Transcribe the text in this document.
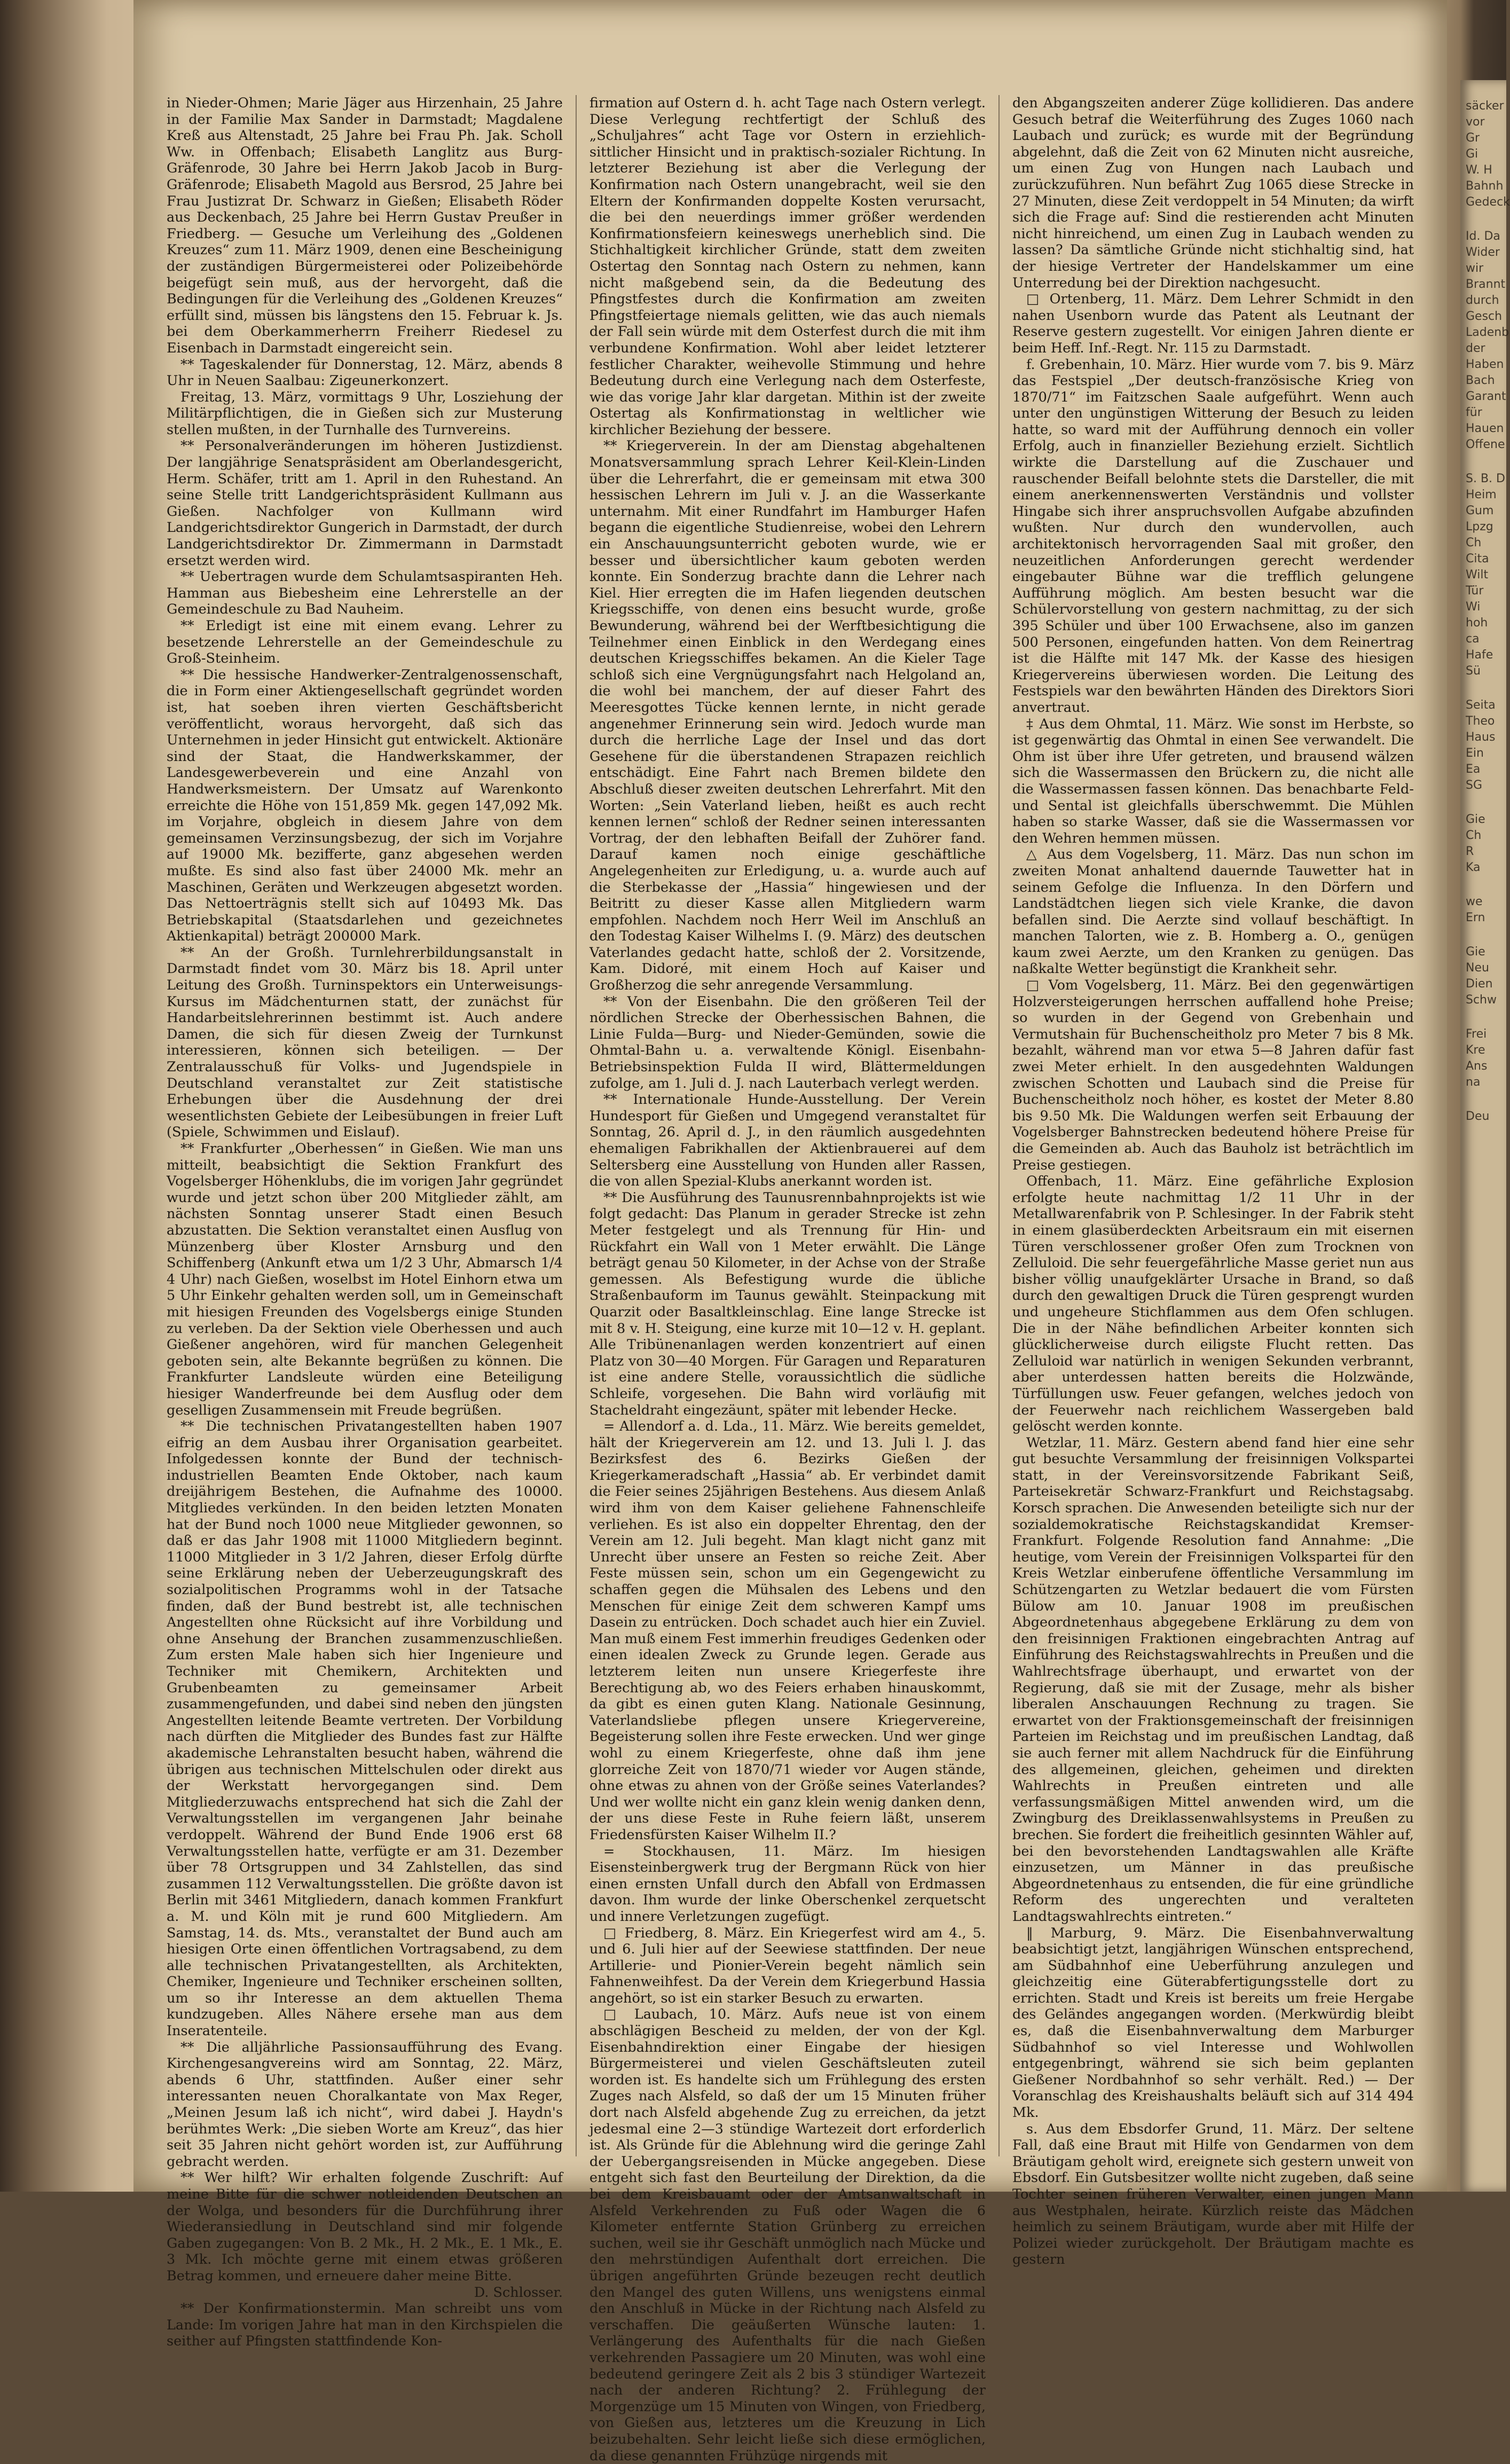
in Nieder-Ohmen; Marie Jäger aus Hirzenhain, 25 Jahre in der Familie Max Sander in Darmstadt; Magdalene Kreß aus Altenstadt, 25 Jahre bei Frau Ph. Jak. Scholl Ww. in Offenbach; Elisabeth Langlitz aus Burg-Gräfenrode, 30 Jahre bei Herrn Jakob Jacob in Burg-Gräfenrode; Elisabeth Magold aus Bersrod, 25 Jahre bei Frau Justizrat Dr. Schwarz in Gießen; Elisabeth Röder aus Deckenbach, 25 Jahre bei Herrn Gustav Preußer in Friedberg. — Gesuche um Verleihung des „Goldenen Kreuzes“ zum 11. März 1909, denen eine Bescheinigung der zuständigen Bürgermeisterei oder Polizeibehörde beigefügt sein muß, aus der hervorgeht, daß die Bedingungen für die Verleihung des „Goldenen Kreuzes“ erfüllt sind, müssen bis längstens den 15. Februar k. Js. bei dem Oberkammerherrn Freiherr Riedesel zu Eisenbach in Darmstadt eingereicht sein.

** Tageskalender für Donnerstag, 12. März, abends 8 Uhr in Neuen Saalbau: Zigeunerkonzert.

Freitag, 13. März, vormittags 9 Uhr, Losziehung der Militärpflichtigen, die in Gießen sich zur Musterung stellen mußten, in der Turnhalle des Turnvereins.

** Personalveränderungen im höheren Justizdienst. Der langjährige Senatspräsident am Oberlandesgericht, Herm. Schäfer, tritt am 1. April in den Ruhestand. An seine Stelle tritt Landgerichtspräsident Kullmann aus Gießen. Nachfolger von Kullmann wird Landgerichtsdirektor Gungerich in Darmstadt, der durch Landgerichtsdirektor Dr. Zimmermann in Darmstadt ersetzt werden wird.

** Uebertragen wurde dem Schulamtsaspiranten Heh. Hamman aus Biebesheim eine Lehrerstelle an der Gemeindeschule zu Bad Nauheim.

** Erledigt ist eine mit einem evang. Lehrer zu besetzende Lehrerstelle an der Gemeindeschule zu Groß-Steinheim.

** Die hessische Handwerker-Zentralgenossenschaft, die in Form einer Aktiengesellschaft gegründet worden ist, hat soeben ihren vierten Geschäftsbericht veröffentlicht, woraus hervorgeht, daß sich das Unternehmen in jeder Hinsicht gut entwickelt. Aktionäre sind der Staat, die Handwerkskammer, der Landesgewerbeverein und eine Anzahl von Handwerksmeistern. Der Umsatz auf Warenkonto erreichte die Höhe von 151,859 Mk. gegen 147,092 Mk. im Vorjahre, obgleich in diesem Jahre von dem gemeinsamen Verzinsungsbezug, der sich im Vorjahre auf 19000 Mk. bezifferte, ganz abgesehen werden mußte. Es sind also fast über 24000 Mk. mehr an Maschinen, Geräten und Werkzeugen abgesetzt worden. Das Nettoerträgnis stellt sich auf 10493 Mk. Das Betriebskapital (Staatsdarlehen und gezeichnetes Aktienkapital) beträgt 200000 Mark.

** An der Großh. Turnlehrerbildungsanstalt in Darmstadt findet vom 30. März bis 18. April unter Leitung des Großh. Turninspektors ein Unterweisungs-Kursus im Mädchenturnen statt, der zunächst für Handarbeitslehrerinnen bestimmt ist. Auch andere Damen, die sich für diesen Zweig der Turnkunst interessieren, können sich beteiligen. — Der Zentralausschuß für Volks- und Jugendspiele in Deutschland veranstaltet zur Zeit statistische Erhebungen über die Ausdehnung der drei wesentlichsten Gebiete der Leibesübungen in freier Luft (Spiele, Schwimmen und Eislauf).

** Frankfurter „Oberhessen“ in Gießen. Wie man uns mitteilt, beabsichtigt die Sektion Frankfurt des Vogelsberger Höhenklubs, die im vorigen Jahr gegründet wurde und jetzt schon über 200 Mitglieder zählt, am nächsten Sonntag unserer Stadt einen Besuch abzustatten. Die Sektion veranstaltet einen Ausflug von Münzenberg über Kloster Arnsburg und den Schiffenberg (Ankunft etwa um 1/2 3 Uhr, Abmarsch 1/4 4 Uhr) nach Gießen, woselbst im Hotel Einhorn etwa um 5 Uhr Einkehr gehalten werden soll, um in Gemeinschaft mit hiesigen Freunden des Vogelsbergs einige Stunden zu verleben. Da der Sektion viele Oberhessen und auch Gießener angehören, wird für manchen Gelegenheit geboten sein, alte Bekannte begrüßen zu können. Die Frankfurter Landsleute würden eine Beteiligung hiesiger Wanderfreunde bei dem Ausflug oder dem geselligen Zusammensein mit Freude begrüßen.

** Die technischen Privatangestellten haben 1907 eifrig an dem Ausbau ihrer Organisation gearbeitet. Infolgedessen konnte der Bund der technisch-industriellen Beamten Ende Oktober, nach kaum dreijährigem Bestehen, die Aufnahme des 10000. Mitgliedes verkünden. In den beiden letzten Monaten hat der Bund noch 1000 neue Mitglieder gewonnen, so daß er das Jahr 1908 mit 11000 Mitgliedern beginnt. 11000 Mitglieder in 3 1/2 Jahren, dieser Erfolg dürfte seine Erklärung neben der Ueberzeugungskraft des sozialpolitischen Programms wohl in der Tatsache finden, daß der Bund bestrebt ist, alle technischen Angestellten ohne Rücksicht auf ihre Vorbildung und ohne Ansehung der Branchen zusammenzuschließen. Zum ersten Male haben sich hier Ingenieure und Techniker mit Chemikern, Architekten und Grubenbeamten zu gemeinsamer Arbeit zusammengefunden, und dabei sind neben den jüngsten Angestellten leitende Beamte vertreten. Der Vorbildung nach dürften die Mitglieder des Bundes fast zur Hälfte akademische Lehranstalten besucht haben, während die übrigen aus technischen Mittelschulen oder direkt aus der Werkstatt hervorgegangen sind. Dem Mitgliederzuwachs entsprechend hat sich die Zahl der Verwaltungsstellen im vergangenen Jahr beinahe verdoppelt. Während der Bund Ende 1906 erst 68 Verwaltungsstellen hatte, verfügte er am 31. Dezember über 78 Ortsgruppen und 34 Zahlstellen, das sind zusammen 112 Verwaltungsstellen. Die größte davon ist Berlin mit 3461 Mitgliedern, danach kommen Frankfurt a. M. und Köln mit je rund 600 Mitgliedern. Am Samstag, 14. ds. Mts., veranstaltet der Bund auch am hiesigen Orte einen öffentlichen Vortragsabend, zu dem alle technischen Privatangestellten, als Architekten, Chemiker, Ingenieure und Techniker erscheinen sollten, um so ihr Interesse an dem aktuellen Thema kundzugeben. Alles Nähere ersehe man aus dem Inseratenteile.

** Die alljährliche Passionsaufführung des Evang. Kirchengesangvereins wird am Sonntag, 22. März, abends 6 Uhr, stattfinden. Außer einer sehr interessanten neuen Choralkantate von Max Reger, „Meinen Jesum laß ich nicht“, wird dabei J. Haydn's berühmtes Werk: „Die sieben Worte am Kreuz“, das hier seit 35 Jahren nicht gehört worden ist, zur Aufführung gebracht werden.

** Wer hilft? Wir erhalten folgende Zuschrift: Auf meine Bitte für die schwer notleidenden Deutschen an der Wolga, und besonders für die Durchführung ihrer Wiederansiedlung in Deutschland sind mir folgende Gaben zugegangen: Von B. 2 Mk., H. 2 Mk., E. 1 Mk., E. 3 Mk. Ich möchte gerne mit einem etwas größeren Betrag kommen, und erneuere daher meine Bitte.

D. Schlosser.

** Der Konfirmationstermin. Man schreibt uns vom Lande: Im vorigen Jahre hat man in den Kirchspielen die seither auf Pfingsten stattfindende Kon-

firmation auf Ostern d. h. acht Tage nach Ostern verlegt. Diese Verlegung rechtfertigt der Schluß des „Schuljahres“ acht Tage vor Ostern in erziehlich-sittlicher Hinsicht und in praktisch-sozialer Richtung. In letzterer Beziehung ist aber die Verlegung der Konfirmation nach Ostern unangebracht, weil sie den Eltern der Konfirmanden doppelte Kosten verursacht, die bei den neuerdings immer größer werdenden Konfirmationsfeiern keineswegs unerheblich sind. Die Stichhaltigkeit kirchlicher Gründe, statt dem zweiten Ostertag den Sonntag nach Ostern zu nehmen, kann nicht maßgebend sein, da die Bedeutung des Pfingstfestes durch die Konfirmation am zweiten Pfingstfeiertage niemals gelitten, wie das auch niemals der Fall sein würde mit dem Osterfest durch die mit ihm verbundene Konfirmation. Wohl aber leidet letzterer festlicher Charakter, weihevolle Stimmung und hehre Bedeutung durch eine Verlegung nach dem Osterfeste, wie das vorige Jahr klar dargetan. Mithin ist der zweite Ostertag als Konfirmationstag in weltlicher wie kirchlicher Beziehung der bessere.

** Kriegerverein. In der am Dienstag abgehaltenen Monatsversammlung sprach Lehrer Keil-Klein-Linden über die Lehrerfahrt, die er gemeinsam mit etwa 300 hessischen Lehrern im Juli v. J. an die Wasserkante unternahm. Mit einer Rundfahrt im Hamburger Hafen begann die eigentliche Studienreise, wobei den Lehrern ein Anschauungsunterricht geboten wurde, wie er besser und übersichtlicher kaum geboten werden konnte. Ein Sonderzug brachte dann die Lehrer nach Kiel. Hier erregten die im Hafen liegenden deutschen Kriegsschiffe, von denen eins besucht wurde, große Bewunderung, während bei der Werftbesichtigung die Teilnehmer einen Einblick in den Werdegang eines deutschen Kriegsschiffes bekamen. An die Kieler Tage schloß sich eine Vergnügungsfahrt nach Helgoland an, die wohl bei manchem, der auf dieser Fahrt des Meeresgottes Tücke kennen lernte, in nicht gerade angenehmer Erinnerung sein wird. Jedoch wurde man durch die herrliche Lage der Insel und das dort Gesehene für die überstandenen Strapazen reichlich entschädigt. Eine Fahrt nach Bremen bildete den Abschluß dieser zweiten deutschen Lehrerfahrt. Mit den Worten: „Sein Vaterland lieben, heißt es auch recht kennen lernen“ schloß der Redner seinen interessanten Vortrag, der den lebhaften Beifall der Zuhörer fand. Darauf kamen noch einige geschäftliche Angelegenheiten zur Erledigung, u. a. wurde auch auf die Sterbekasse der „Hassia“ hingewiesen und der Beitritt zu dieser Kasse allen Mitgliedern warm empfohlen. Nachdem noch Herr Weil im Anschluß an den Todestag Kaiser Wilhelms I. (9. März) des deutschen Vaterlandes gedacht hatte, schloß der 2. Vorsitzende, Kam. Didoré, mit einem Hoch auf Kaiser und Großherzog die sehr anregende Versammlung.

** Von der Eisenbahn. Die den größeren Teil der nördlichen Strecke der Oberhessischen Bahnen, die Linie Fulda—Burg- und Nieder-Gemünden, sowie die Ohmtal-Bahn u. a. verwaltende Königl. Eisenbahn-Betriebsinspektion Fulda II wird, Blättermeldungen zufolge, am 1. Juli d. J. nach Lauterbach verlegt werden.

** Internationale Hunde-Ausstellung. Der Verein Hundesport für Gießen und Umgegend veranstaltet für Sonntag, 26. April d. J., in den räumlich ausgedehnten ehemaligen Fabrikhallen der Aktienbrauerei auf dem Seltersberg eine Ausstellung von Hunden aller Rassen, die von allen Spezial-Klubs anerkannt worden ist.

** Die Ausführung des Taunusrennbahnprojekts ist wie folgt gedacht: Das Planum in gerader Strecke ist zehn Meter festgelegt und als Trennung für Hin- und Rückfahrt ein Wall von 1 Meter erwählt. Die Länge beträgt genau 50 Kilometer, in der Achse von der Straße gemessen. Als Befestigung wurde die übliche Straßenbauform im Taunus gewählt. Steinpackung mit Quarzit oder Basaltkleinschlag. Eine lange Strecke ist mit 8 v. H. Steigung, eine kurze mit 10—12 v. H. geplant. Alle Tribünenanlagen werden konzentriert auf einen Platz von 30—40 Morgen. Für Garagen und Reparaturen ist eine andere Stelle, voraussichtlich die südliche Schleife, vorgesehen. Die Bahn wird vorläufig mit Stacheldraht eingezäunt, später mit lebender Hecke.

= Allendorf a. d. Lda., 11. März. Wie bereits gemeldet, hält der Kriegerverein am 12. und 13. Juli l. J. das Bezirksfest des 6. Bezirks Gießen der Kriegerkameradschaft „Hassia“ ab. Er verbindet damit die Feier seines 25jährigen Bestehens. Aus diesem Anlaß wird ihm von dem Kaiser geliehene Fahnenschleife verliehen. Es ist also ein doppelter Ehrentag, den der Verein am 12. Juli begeht. Man klagt nicht ganz mit Unrecht über unsere an Festen so reiche Zeit. Aber Feste müssen sein, schon um ein Gegengewicht zu schaffen gegen die Mühsalen des Lebens und den Menschen für einige Zeit dem schweren Kampf ums Dasein zu entrücken. Doch schadet auch hier ein Zuviel. Man muß einem Fest immerhin freudiges Gedenken oder einen idealen Zweck zu Grunde legen. Gerade aus letzterem leiten nun unsere Kriegerfeste ihre Berechtigung ab, wo des Feiers erhaben hinauskommt, da gibt es einen guten Klang. Nationale Gesinnung, Vaterlandsliebe pflegen unsere Kriegervereine, Begeisterung sollen ihre Feste erwecken. Und wer ginge wohl zu einem Kriegerfeste, ohne daß ihm jene glorreiche Zeit von 1870/71 wieder vor Augen stände, ohne etwas zu ahnen von der Größe seines Vaterlandes? Und wer wollte nicht ein ganz klein wenig danken denn, der uns diese Feste in Ruhe feiern läßt, unserem Friedensfürsten Kaiser Wilhelm II.?

= Stockhausen, 11. März. Im hiesigen Eisensteinbergwerk trug der Bergmann Rück von hier einen ernsten Unfall durch den Abfall von Erdmassen davon. Ihm wurde der linke Oberschenkel zerquetscht und innere Verletzungen zugefügt.

□ Friedberg, 8. März. Ein Kriegerfest wird am 4., 5. und 6. Juli hier auf der Seewiese stattfinden. Der neue Artillerie- und Pionier-Verein begeht nämlich sein Fahnenweihfest. Da der Verein dem Kriegerbund Hassia angehört, so ist ein starker Besuch zu erwarten.

□ Laubach, 10. März. Aufs neue ist von einem abschlägigen Bescheid zu melden, der von der Kgl. Eisenbahndirektion einer Eingabe der hiesigen Bürgermeisterei und vielen Geschäftsleuten zuteil worden ist. Es handelte sich um Frühlegung des ersten Zuges nach Alsfeld, so daß der um 15 Minuten früher dort nach Alsfeld abgehende Zug zu erreichen, da jetzt jedesmal eine 2—3 stündige Wartezeit dort erforderlich ist. Als Gründe für die Ablehnung wird die geringe Zahl der Uebergangsreisenden in Mücke angegeben. Diese entgeht sich fast den Beurteilung der Direktion, da die bei dem Kreisbauamt oder der Amtsanwaltschaft in Alsfeld Verkehrenden zu Fuß oder Wagen die 6 Kilometer entfernte Station Grünberg zu erreichen suchen, weil sie ihr Geschäft unmöglich nach Mücke und den mehrstündigen Aufenthalt dort erreichen. Die übrigen angeführten Gründe bezeugen recht deutlich den Mangel des guten Willens, uns wenigstens einmal den Anschluß in Mücke in der Richtung nach Alsfeld zu verschaffen. Die geäußerten Wünsche lauten: 1. Verlängerung des Aufenthalts für die nach Gießen verkehrenden Passagiere um 20 Minuten, was wohl eine bedeutend geringere Zeit als 2 bis 3 stündiger Wartezeit nach der anderen Richtung? 2. Frühlegung der Morgenzüge um 15 Minuten von Wingen, von Friedberg, von Gießen aus, letzteres um die Kreuzung in Lich beizubehalten. Sehr leicht ließe sich diese ermöglichen, da diese genannten Frühzüge nirgends mit

den Abgangszeiten anderer Züge kollidieren. Das andere Gesuch betraf die Weiterführung des Zuges 1060 nach Laubach und zurück; es wurde mit der Begründung abgelehnt, daß die Zeit von 62 Minuten nicht ausreiche, um einen Zug von Hungen nach Laubach und zurückzuführen. Nun befährt Zug 1065 diese Strecke in 27 Minuten, diese Zeit verdoppelt in 54 Minuten; da wirft sich die Frage auf: Sind die restierenden acht Minuten nicht hinreichend, um einen Zug in Laubach wenden zu lassen? Da sämtliche Gründe nicht stichhaltig sind, hat der hiesige Vertreter der Handelskammer um eine Unterredung bei der Direktion nachgesucht.

□ Ortenberg, 11. März. Dem Lehrer Schmidt in den nahen Usenborn wurde das Patent als Leutnant der Reserve gestern zugestellt. Vor einigen Jahren diente er beim Heff. Inf.-Regt. Nr. 115 zu Darmstadt.

f. Grebenhain, 10. März. Hier wurde vom 7. bis 9. März das Festspiel „Der deutsch-französische Krieg von 1870/71“ im Faitzschen Saale aufgeführt. Wenn auch unter den ungünstigen Witterung der Besuch zu leiden hatte, so ward mit der Aufführung dennoch ein voller Erfolg, auch in finanzieller Beziehung erzielt. Sichtlich wirkte die Darstellung auf die Zuschauer und rauschender Beifall belohnte stets die Darsteller, die mit einem anerkennenswerten Verständnis und vollster Hingabe sich ihrer anspruchsvollen Aufgabe abzufinden wußten. Nur durch den wundervollen, auch architektonisch hervorragenden Saal mit großer, den neuzeitlichen Anforderungen gerecht werdender eingebauter Bühne war die trefflich gelungene Aufführung möglich. Am besten besucht war die Schülervorstellung von gestern nachmittag, zu der sich 395 Schüler und über 100 Erwachsene, also im ganzen 500 Personen, eingefunden hatten. Von dem Reinertrag ist die Hälfte mit 147 Mk. der Kasse des hiesigen Kriegervereins überwiesen worden. Die Leitung des Festspiels war den bewährten Händen des Direktors Siori anvertraut.

‡ Aus dem Ohmtal, 11. März. Wie sonst im Herbste, so ist gegenwärtig das Ohmtal in einen See verwandelt. Die Ohm ist über ihre Ufer getreten, und brausend wälzen sich die Wassermassen den Brückern zu, die nicht alle die Wassermassen fassen können. Das benachbarte Feld- und Sental ist gleichfalls überschwemmt. Die Mühlen haben so starke Wasser, daß sie die Wassermassen vor den Wehren hemmen müssen.

△ Aus dem Vogelsberg, 11. März. Das nun schon im zweiten Monat anhaltend dauernde Tauwetter hat in seinem Gefolge die Influenza. In den Dörfern und Landstädtchen liegen sich viele Kranke, die davon befallen sind. Die Aerzte sind vollauf beschäftigt. In manchen Talorten, wie z. B. Homberg a. O., genügen kaum zwei Aerzte, um den Kranken zu genügen. Das naßkalte Wetter begünstigt die Krankheit sehr.

□ Vom Vogelsberg, 11. März. Bei den gegenwärtigen Holzversteigerungen herrschen auffallend hohe Preise; so wurden in der Gegend von Grebenhain und Vermutshain für Buchenscheitholz pro Meter 7 bis 8 Mk. bezahlt, während man vor etwa 5—8 Jahren dafür fast zwei Meter erhielt. In den ausgedehnten Waldungen zwischen Schotten und Laubach sind die Preise für Buchenscheitholz noch höher, es kostet der Meter 8.80 bis 9.50 Mk. Die Waldungen werfen seit Erbauung der Vogelsberger Bahnstrecken bedeutend höhere Preise für die Gemeinden ab. Auch das Bauholz ist beträchtlich im Preise gestiegen.

Offenbach, 11. März. Eine gefährliche Explosion erfolgte heute nachmittag 1/2 11 Uhr in der Metallwarenfabrik von P. Schlesinger. In der Fabrik steht in einem glasüberdeckten Arbeitsraum ein mit eisernen Türen verschlossener großer Ofen zum Trocknen von Zelluloid. Die sehr feuergefährliche Masse geriet nun aus bisher völlig unaufgeklärter Ursache in Brand, so daß durch den gewaltigen Druck die Türen gesprengt wurden und ungeheure Stichflammen aus dem Ofen schlugen. Die in der Nähe befindlichen Arbeiter konnten sich glücklicherweise durch eiligste Flucht retten. Das Zelluloid war natürlich in wenigen Sekunden verbrannt, aber unterdessen hatten bereits die Holzwände, Türfüllungen usw. Feuer gefangen, welches jedoch von der Feuerwehr nach reichlichem Wassergeben bald gelöscht werden konnte.

Wetzlar, 11. März. Gestern abend fand hier eine sehr gut besuchte Versammlung der freisinnigen Volkspartei statt, in der Vereinsvorsitzende Fabrikant Seiß, Parteisekretär Schwarz-Frankfurt und Reichstagsabg. Korsch sprachen. Die Anwesenden beteiligte sich nur der sozialdemokratische Reichstagskandidat Kremser-Frankfurt. Folgende Resolution fand Annahme: „Die heutige, vom Verein der Freisinnigen Volkspartei für den Kreis Wetzlar einberufene öffentliche Versammlung im Schützengarten zu Wetzlar bedauert die vom Fürsten Bülow am 10. Januar 1908 im preußischen Abgeordnetenhaus abgegebene Erklärung zu dem von den freisinnigen Fraktionen eingebrachten Antrag auf Einführung des Reichstagswahlrechts in Preußen und die Wahlrechtsfrage überhaupt, und erwartet von der Regierung, daß sie mit der Zusage, mehr als bisher liberalen Anschauungen Rechnung zu tragen. Sie erwartet von der Fraktionsgemeinschaft der freisinnigen Parteien im Reichstag und im preußischen Landtag, daß sie auch ferner mit allem Nachdruck für die Einführung des allgemeinen, gleichen, geheimen und direkten Wahlrechts in Preußen eintreten und alle verfassungsmäßigen Mittel anwenden wird, um die Zwingburg des Dreiklassenwahlsystems in Preußen zu brechen. Sie fordert die freiheitlich gesinnten Wähler auf, bei den bevorstehenden Landtagswahlen alle Kräfte einzusetzen, um Männer in das preußische Abgeordnetenhaus zu entsenden, die für eine gründliche Reform des ungerechten und veralteten Landtagswahlrechts eintreten.“

‖ Marburg, 9. März. Die Eisenbahnverwaltung beabsichtigt jetzt, langjährigen Wünschen entsprechend, am Südbahnhof eine Ueberführung anzulegen und gleichzeitig eine Güterabfertigungsstelle dort zu errichten. Stadt und Kreis ist bereits um freie Hergabe des Geländes angegangen worden. (Merkwürdig bleibt es, daß die Eisenbahnverwaltung dem Marburger Südbahnhof so viel Interesse und Wohlwollen entgegenbringt, während sie sich beim geplanten Gießener Nordbahnhof so sehr verhält. Red.) — Der Voranschlag des Kreishaushalts beläuft sich auf 314 494 Mk.

s. Aus dem Ebsdorfer Grund, 11. März. Der seltene Fall, daß eine Braut mit Hilfe von Gendarmen von dem Bräutigam geholt wird, ereignete sich gestern unweit von Ebsdorf. Ein Gutsbesitzer wollte nicht zugeben, daß seine Tochter seinen früheren Verwalter, einen jungen Mann aus Westphalen, heirate. Kürzlich reiste das Mädchen heimlich zu seinem Bräutigam, wurde aber mit Hilfe der Polizei wieder zurückgeholt. Der Bräutigam machte es gestern

säcker
vor
Gr
Gi
W. H
Bahnh
Gedeck
Id. Da
Wider
wir
Brannt
durch
Gesch
Ladenb
der
Haben
Bach
Garant
für
Hauen
Offene
S. B. D
Heim
Gum
Lpzg
Ch
Cita
Wilt
Tür
Wi
hoh
ca
Hafe
Sü
Seita
Theo
Haus
Ein
Ea
SG
Gie
Ch
R
Ka
we
Ern
Gie
Neu
Dien
Schw
Frei
Kre
Ans
na
Deu
